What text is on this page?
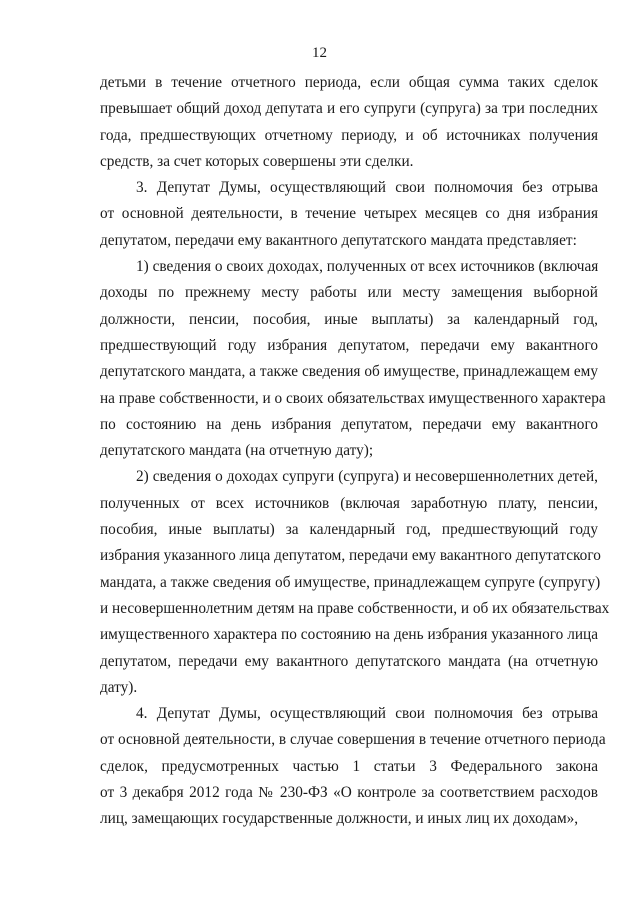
12
детьми в течение отчетного периода, если общая сумма таких сделок
превышает общий доход депутата и его супруги (супруга) за три последних
года, предшествующих отчетному периоду, и об источниках получения
средств, за счет которых совершены эти сделки.
3. Депутат Думы, осуществляющий свои полномочия без отрыва
от основной деятельности, в течение четырех месяцев со дня избрания
депутатом, передачи ему вакантного депутатского мандата представляет:
1) сведения о своих доходах, полученных от всех источников (включая
доходы по прежнему месту работы или месту замещения выборной
должности, пенсии, пособия, иные выплаты) за календарный год,
предшествующий году избрания депутатом, передачи ему вакантного
депутатского мандата, а также сведения об имуществе, принадлежащем ему
на праве собственности, и о своих обязательствах имущественного характера
по состоянию на день избрания депутатом, передачи ему вакантного
депутатского мандата (на отчетную дату);
2) сведения о доходах супруги (супруга) и несовершеннолетних детей,
полученных от всех источников (включая заработную плату, пенсии,
пособия, иные выплаты) за календарный год, предшествующий году
избрания указанного лица депутатом, передачи ему вакантного депутатского
мандата, а также сведения об имуществе, принадлежащем супруге (супругу)
и несовершеннолетним детям на праве собственности, и об их обязательствах
имущественного характера по состоянию на день избрания указанного лица
депутатом, передачи ему вакантного депутатского мандата (на отчетную
дату).
4. Депутат Думы, осуществляющий свои полномочия без отрыва
от основной деятельности, в случае совершения в течение отчетного периода
сделок, предусмотренных частью 1 статьи 3 Федерального закона
от 3 декабря 2012 года № 230-ФЗ «О контроле за соответствием расходов
лиц, замещающих государственные должности, и иных лиц их доходам»,
